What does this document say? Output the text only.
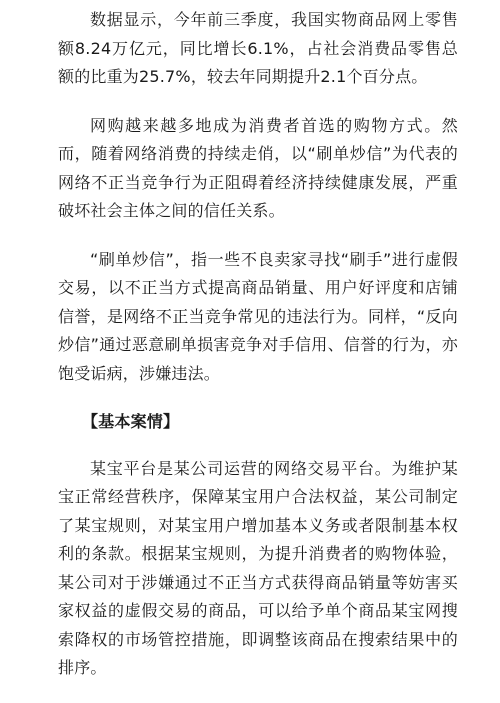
数据显示，今年前三季度，我国实物商品网上零售额8.24万亿元，同比增长6.1%，占社会消费品零售总额的比重为25.7%，较去年同期提升2.1个百分点。

网购越来越多地成为消费者首选的购物方式。然而，随着网络消费的持续走俏，以“刷单炒信”为代表的网络不正当竞争行为正阻碍着经济持续健康发展，严重破坏社会主体之间的信任关系。

“刷单炒信”，指一些不良卖家寻找“刷手”进行虚假交易，以不正当方式提高商品销量、用户好评度和店铺信誉，是网络不正当竞争常见的违法行为。同样，“反向炒信”通过恶意刷单损害竞争对手信用、信誉的行为，亦饱受诟病，涉嫌违法。

【基本案情】

某宝平台是某公司运营的网络交易平台。为维护某宝正常经营秩序，保障某宝用户合法权益，某公司制定了某宝规则，对某宝用户增加基本义务或者限制基本权利的条款。根据某宝规则，为提升消费者的购物体验，某公司对于涉嫌通过不正当方式获得商品销量等妨害买家权益的虚假交易的商品，可以给予单个商品某宝网搜索降权的市场管控措施，即调整该商品在搜索结果中的排序。
